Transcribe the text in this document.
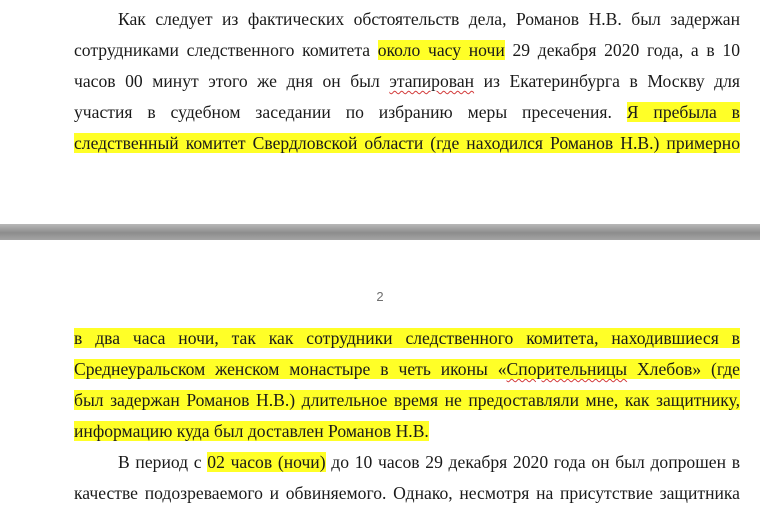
Как следует из фактических обстоятельств дела, Романов Н.В. был задержан
сотрудниками следственного комитета около часу ночи 29 декабря 2020 года, а в 10
часов 00 минут этого же дня он был этапирован из Екатеринбурга в Москву для
участия в судебном заседании по избранию меры пресечения. Я пребыла в
следственный комитет Свердловской области (где находился Романов Н.В.) примерно
2
в два часа ночи, так как сотрудники следственного комитета, находившиеся в
Среднеуральском женском монастыре в четь иконы «Спорительницы Хлебов» (где
был задержан Романов Н.В.) длительное время не предоставляли мне, как защитнику,
информацию куда был доставлен Романов Н.В.
В период с 02 часов (ночи) до 10 часов 29 декабря 2020 года он был допрошен в
качестве подозреваемого и обвиняемого. Однако, несмотря на присутствие защитника
